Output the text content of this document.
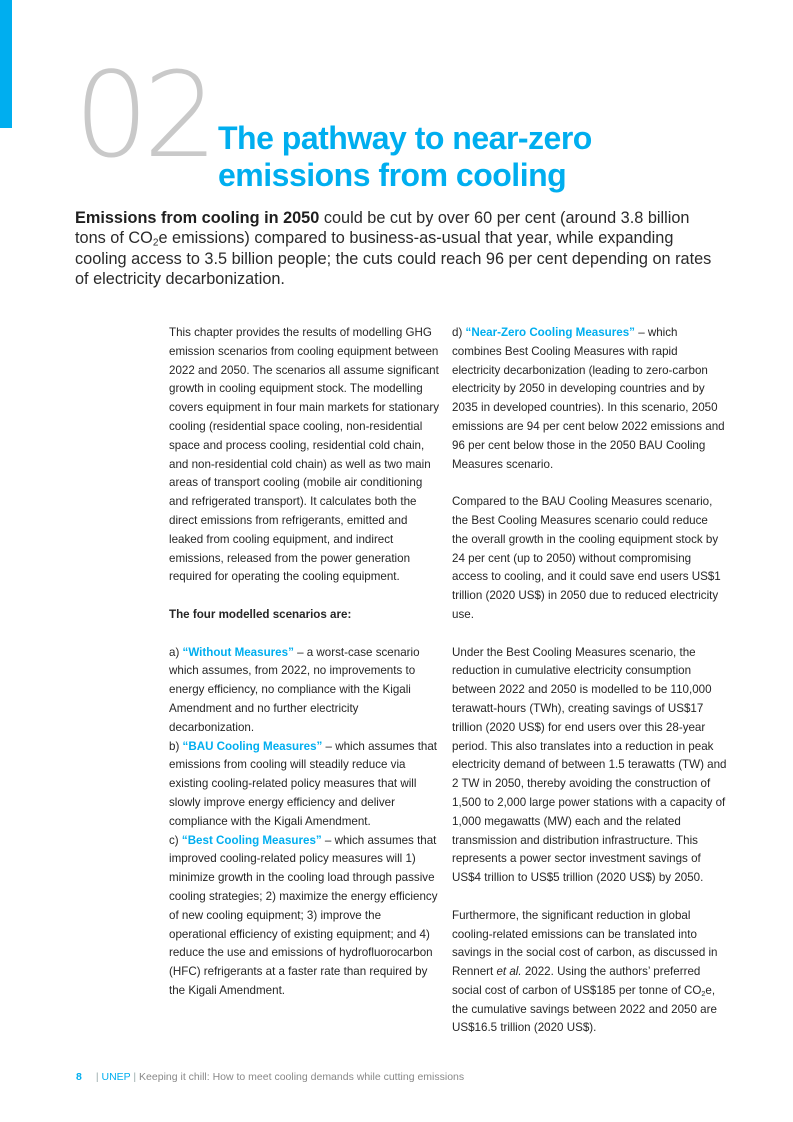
02 The pathway to near-zero
emissions from cooling

Emissions from cooling in 2050 could be cut by over 60 per cent (around 3.8 billion tons of $CO_2e$ emissions) compared to business-as-usual that year, while expanding cooling access to 3.5 billion people; the cuts could reach 96 per cent depending on rates of electricity decarbonization.

This chapter provides the results of modelling GHG emission scenarios from cooling equipment between 2022 and 2050. The scenarios all assume significant growth in cooling equipment stock. The modelling covers equipment in four main markets for stationary cooling (residential space cooling, non-residential space and process cooling, residential cold chain, and non-residential cold chain) as well as two main areas of transport cooling (mobile air conditioning and refrigerated transport). It calculates both the direct emissions from refrigerants, emitted and leaked from cooling equipment, and indirect emissions, released from the power generation required for operating the cooling equipment.

The four modelled scenarios are:

a) “Without Measures” – a worst-case scenario which assumes, from 2022, no improvements to energy efficiency, no compliance with the Kigali Amendment and no further electricity decarbonization.

b) “BAU Cooling Measures” – which assumes that emissions from cooling will steadily reduce via existing cooling-related policy measures that will slowly improve energy efficiency and deliver compliance with the Kigali Amendment.

c) “Best Cooling Measures” – which assumes that improved cooling-related policy measures will 1) minimize growth in the cooling load through passive cooling strategies; 2) maximize the energy efficiency of new cooling equipment; 3) improve the operational efficiency of existing equipment; and 4) reduce the use and emissions of hydrofluorocarbon (HFC) refrigerants at a faster rate than required by the Kigali Amendment.

d) “Near-Zero Cooling Measures” – which combines Best Cooling Measures with rapid electricity decarbonization (leading to zero-carbon electricity by 2050 in developing countries and by 2035 in developed countries). In this scenario, 2050 emissions are 94 per cent below 2022 emissions and 96 per cent below those in the 2050 BAU Cooling Measures scenario.

Compared to the BAU Cooling Measures scenario, the Best Cooling Measures scenario could reduce the overall growth in the cooling equipment stock by 24 per cent (up to 2050) without compromising access to cooling, and it could save end users US$1 trillion (2020 US$) in 2050 due to reduced electricity use.

Under the Best Cooling Measures scenario, the reduction in cumulative electricity consumption between 2022 and 2050 is modelled to be 110,000 terawatt-hours (TWh), creating savings of US$17 trillion (2020 US$) for end users over this 28-year period. This also translates into a reduction in peak electricity demand of between 1.5 terawatts (TW) and 2 TW in 2050, thereby avoiding the construction of 1,500 to 2,000 large power stations with a capacity of 1,000 megawatts (MW) each and the related transmission and distribution infrastructure. This represents a power sector investment savings of US$4 trillion to US$5 trillion (2020 US$) by 2050.

Furthermore, the significant reduction in global cooling-related emissions can be translated into savings in the social cost of carbon, as discussed in Rennert et al. 2022. Using the authors’ preferred social cost of carbon of US$185 per tonne of $CO_2e$, the cumulative savings between 2022 and 2050 are US$16.5 trillion (2020 US$).

8 | UNEP | Keeping it chill: How to meet cooling demands while cutting emissions
